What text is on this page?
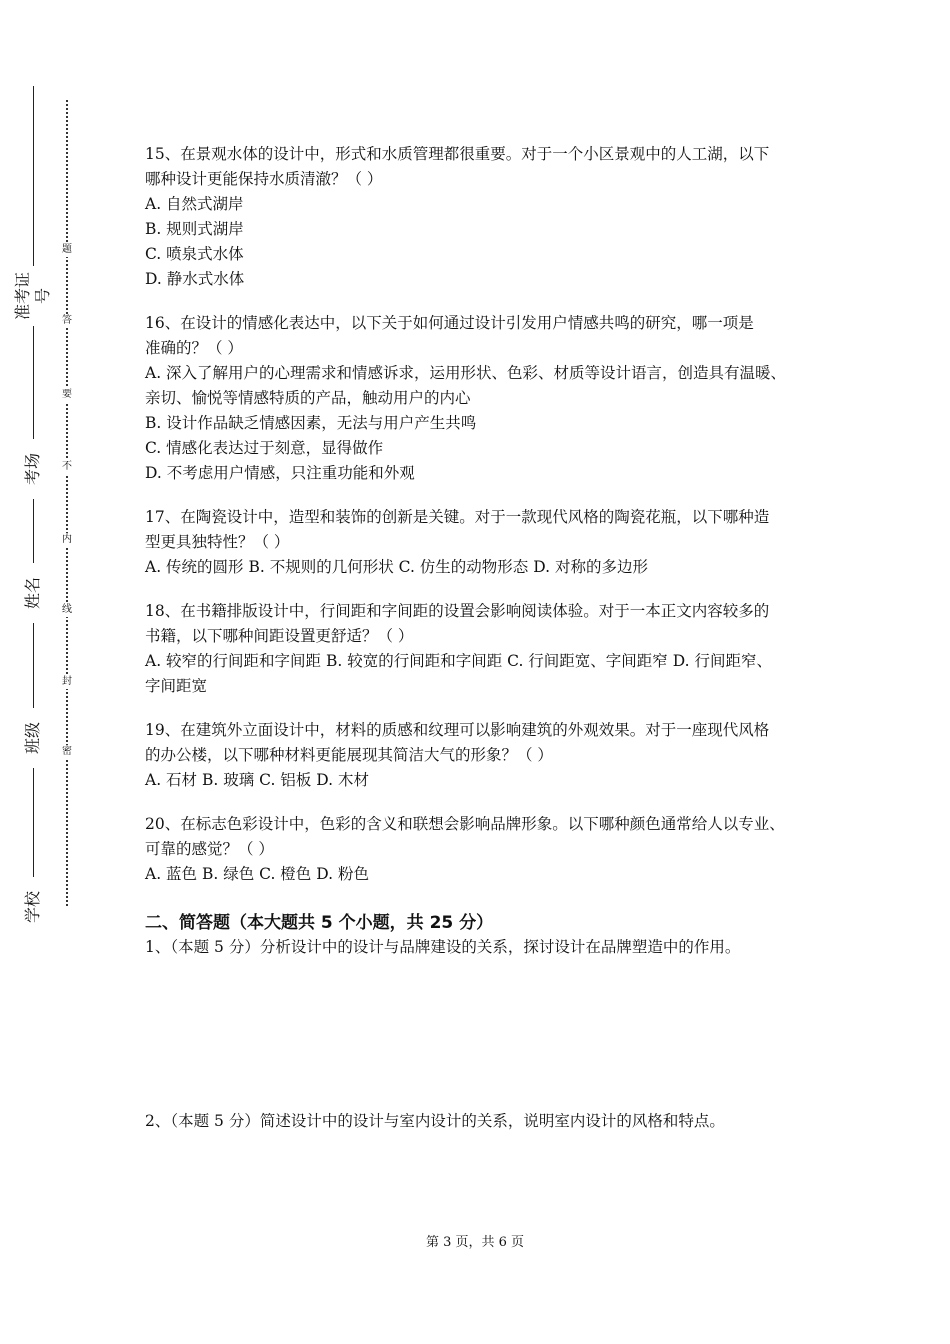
准考证号
考场
姓名
班级
学校
题
答
要
不
内
线
封
密

15、在景观水体的设计中，形式和水质管理都很重要。对于一个小区景观中的人工湖，以下

哪种设计更能保持水质清澈？（ ）

A. 自然式湖岸

B. 规则式湖岸

C. 喷泉式水体

D. 静水式水体

16、在设计的情感化表达中，以下关于如何通过设计引发用户情感共鸣的研究，哪一项是

准确的？（ ）

A. 深入了解用户的心理需求和情感诉求，运用形状、色彩、材质等设计语言，创造具有温暖、

亲切、愉悦等情感特质的产品，触动用户的内心

B. 设计作品缺乏情感因素，无法与用户产生共鸣

C. 情感化表达过于刻意，显得做作

D. 不考虑用户情感，只注重功能和外观

17、在陶瓷设计中，造型和装饰的创新是关键。对于一款现代风格的陶瓷花瓶，以下哪种造

型更具独特性？（ ）

A. 传统的圆形 B. 不规则的几何形状 C. 仿生的动物形态 D. 对称的多边形

18、在书籍排版设计中，行间距和字间距的设置会影响阅读体验。对于一本正文内容较多的

书籍，以下哪种间距设置更舒适？（ ）

A. 较窄的行间距和字间距 B. 较宽的行间距和字间距 C. 行间距宽、字间距窄 D. 行间距窄、

字间距宽

19、在建筑外立面设计中，材料的质感和纹理可以影响建筑的外观效果。对于一座现代风格

的办公楼，以下哪种材料更能展现其简洁大气的形象？（ ）

A. 石材 B. 玻璃 C. 铝板 D. 木材

20、在标志色彩设计中，色彩的含义和联想会影响品牌形象。以下哪种颜色通常给人以专业、

可靠的感觉？（ ）

A. 蓝色 B. 绿色 C. 橙色 D. 粉色

二、简答题（本大题共 5 个小题，共 25 分）

1、（本题 5 分）分析设计中的设计与品牌建设的关系，探讨设计在品牌塑造中的作用。

2、（本题 5 分）简述设计中的设计与室内设计的关系，说明室内设计的风格和特点。

第 3 页，共 6 页
